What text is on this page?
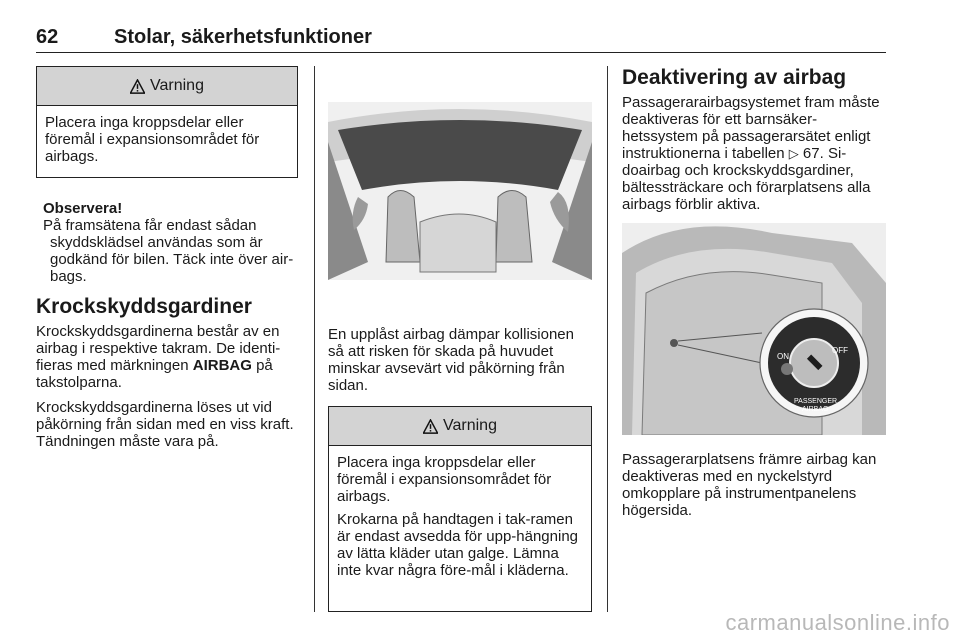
62	Stolar, säkerhetsfunktioner
Varning

Placera inga kroppsdelar eller föremål i expansionsområdet för airbags.

Observera!
På framsätena får endast sådan skyddsklädsel användas som är godkänd för bilen. Täck inte över air-bags.
Krockskyddsgardiner

Krockskyddsgardinerna består av en airbag i respektive takram. De identi-fieras med märkningen AIRBAG på takstolparna.

Krockskyddsgardinerna löses ut vid påkörning från sidan med en viss kraft. Tändningen måste vara på.

En upplåst airbag dämpar kollisionen så att risken för skada på huvudet minskar avsevärt vid påkörning från sidan.

Varning

Placera inga kroppsdelar eller föremål i expansionsområdet för airbags.

Krokarna på handtagen i tak-ramen är endast avsedda för upp-hängning av lätta kläder utan galge. Lämna inte kvar några före-mål i kläderna.

Deaktivering av airbag

Passagerarairbagsystemet fram måste deaktiveras för ett barnsäker-hetssystem på passagerarsätet enligt instruktionerna i tabellen ▷ 67. Si-doairbag och krockskyddsgardiner, bältessträckare och förarplatsens alla airbags förblir aktiva.

ON
OFF
PASSENGER
AIRBAG

Passagerarplatsens främre airbag kan deaktiveras med en nyckelstyrd omkopplare på instrumentpanelens högersida.

carmanualsonline.info
